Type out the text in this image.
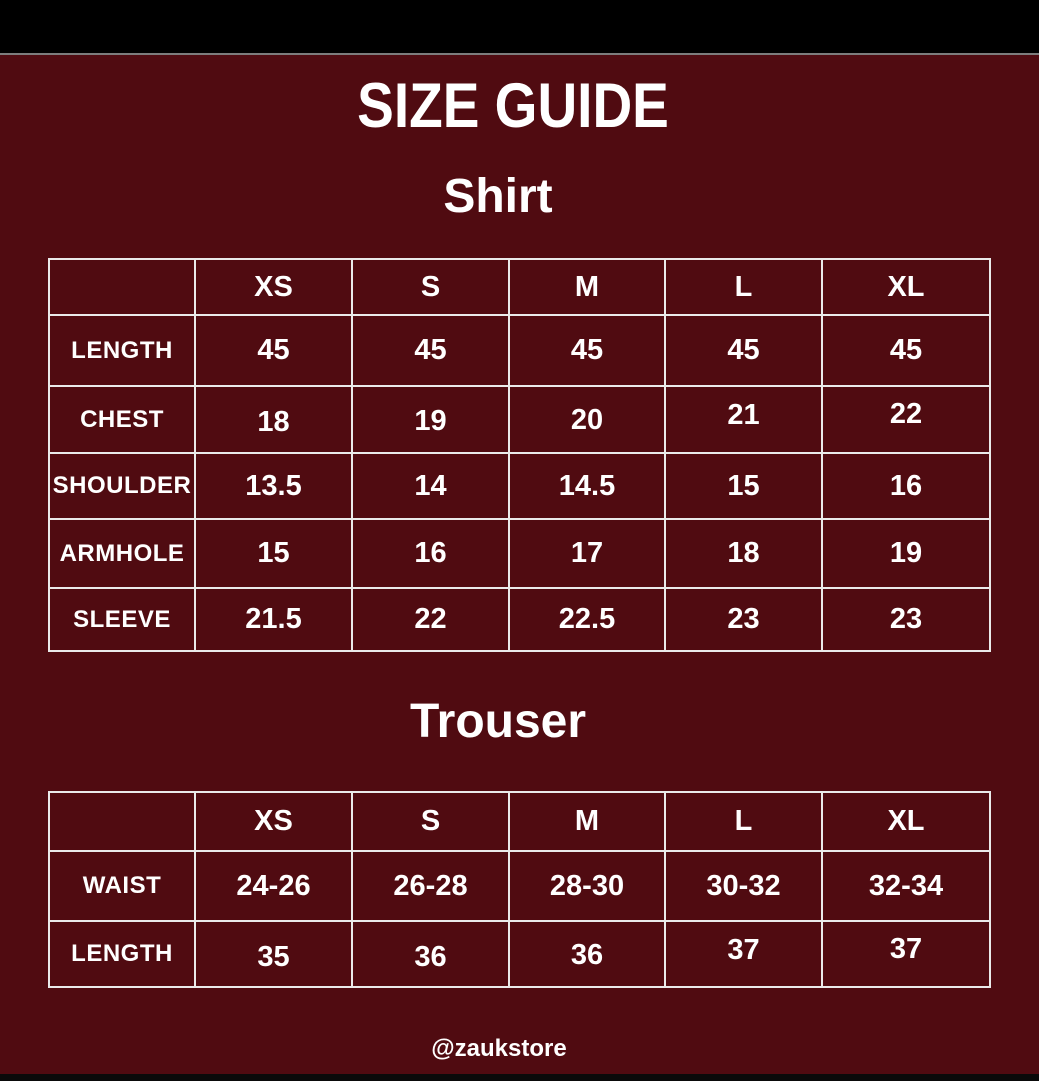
SIZE GUIDE
Shirt
	XS	S	M	L	XL
LENGTH	45	45	45	45	45
CHEST	18	19	20	21	22
SHOULDER	13.5	14	14.5	15	16
ARMHOLE	15	16	17	18	19
SLEEVE	21.5	22	22.5	23	23
Trouser
	XS	S	M	L	XL
WAIST	24-26	26-28	28-30	30-32	32-34
LENGTH	35	36	36	37	37

@zaukstore
